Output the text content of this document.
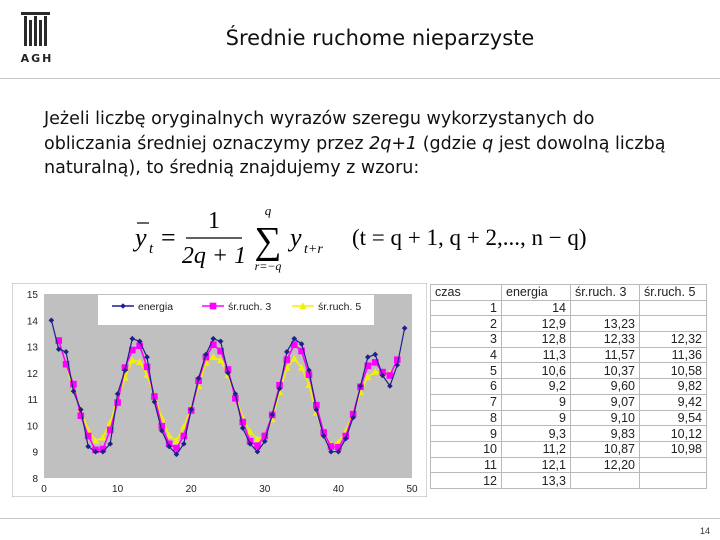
AGH
Średnie ruchome nieparzyste
Jeżeli liczbę oryginalnych wyrazów szeregu wykorzystanych do obliczania średniej oznaczymy przez 2q+1 (gdzie q jest dowolną liczbą naturalną), to średnią znajdujemy z wzoru:
y t =
1
2q + 1
q
∑
r=−q
y t+r (t = q + 1, q + 2,..., n − q)
8
9
10
11
12
13
14
15
0	10	20	30	40	50
energia	śr.ruch. 3	śr.ruch. 5
czas	energia	śr.ruch. 3	śr.ruch. 5
1	14		
2	12,9	13,23	
3	12,8	12,33	12,32
4	11,3	11,57	11,36
5	10,6	10,37	10,58
6	9,2	9,60	9,82
7	9	9,07	9,42
8	9	9,10	9,54
9	9,3	9,83	10,12
10	11,2	10,87	10,98
11	12,1	12,20	
12	13,3		
14
